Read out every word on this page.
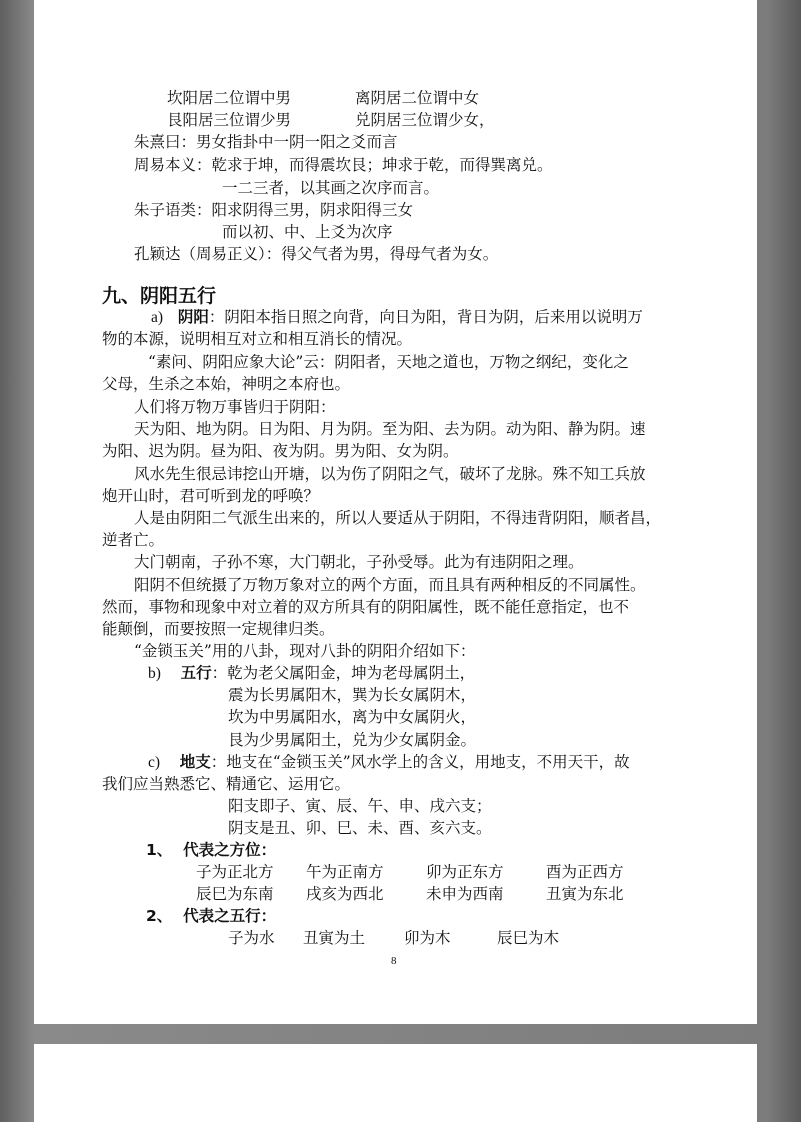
坎阳居二位谓中男	离阴居二位谓中女
艮阳居三位谓少男	兑阴居三位谓少女，
朱熹曰：男女指卦中一阴一阳之爻而言
周易本义：乾求于坤，而得震坎艮；坤求于乾，而得巽离兑。
一二三者，以其画之次序而言。
朱子语类：阳求阴得三男，阴求阳得三女
而以初、中、上爻为次序
孔颖达（周易正义）：得父气者为男，得母气者为女。
九、阴阳五行
a) 阴阳：阴阳本指日照之向背，向日为阳，背日为阴，后来用以说明万
物的本源，说明相互对立和相互消长的情况。
“素问、阴阳应象大论”云：阴阳者，天地之道也，万物之纲纪，变化之
父母，生杀之本始，神明之本府也。
人们将万物万事皆归于阴阳：
天为阳、地为阴。日为阳、月为阴。至为阳、去为阴。动为阳、静为阴。速
为阳、迟为阴。昼为阳、夜为阴。男为阳、女为阴。
风水先生很忌讳挖山开塘，以为伤了阴阳之气，破坏了龙脉。殊不知工兵放
炮开山时，君可听到龙的呼唤？
人是由阴阳二气派生出来的，所以人要适从于阴阳，不得违背阴阳，顺者昌，
逆者亡。
大门朝南，子孙不寒，大门朝北，子孙受辱。此为有违阴阳之理。
阳阴不但统摄了万物万象对立的两个方面，而且具有两种相反的不同属性。
然而，事物和现象中对立着的双方所具有的阴阳属性，既不能任意指定，也不
能颠倒，而要按照一定规律归类。
“金锁玉关”用的八卦，现对八卦的阴阳介绍如下：
b) 五行：乾为老父属阳金，坤为老母属阴土，
震为长男属阳木，巽为长女属阴木，
坎为中男属阳水，离为中女属阴火，
艮为少男属阳土，兑为少女属阴金。
c) 地支：地支在“金锁玉关”风水学上的含义，用地支，不用天干，故
我们应当熟悉它、精通它、运用它。
阳支即子、寅、辰、午、申、戌六支；
阴支是丑、卯、巳、未、酉、亥六支。
1、 代表之方位：
子为正北方 午为正南方	卯为正东方	酉为正西方
辰巳为东南 戌亥为西北	未申为西南	丑寅为东北
2、 代表之五行：
子为水 丑寅为土	卯为木	辰巳为木
8
